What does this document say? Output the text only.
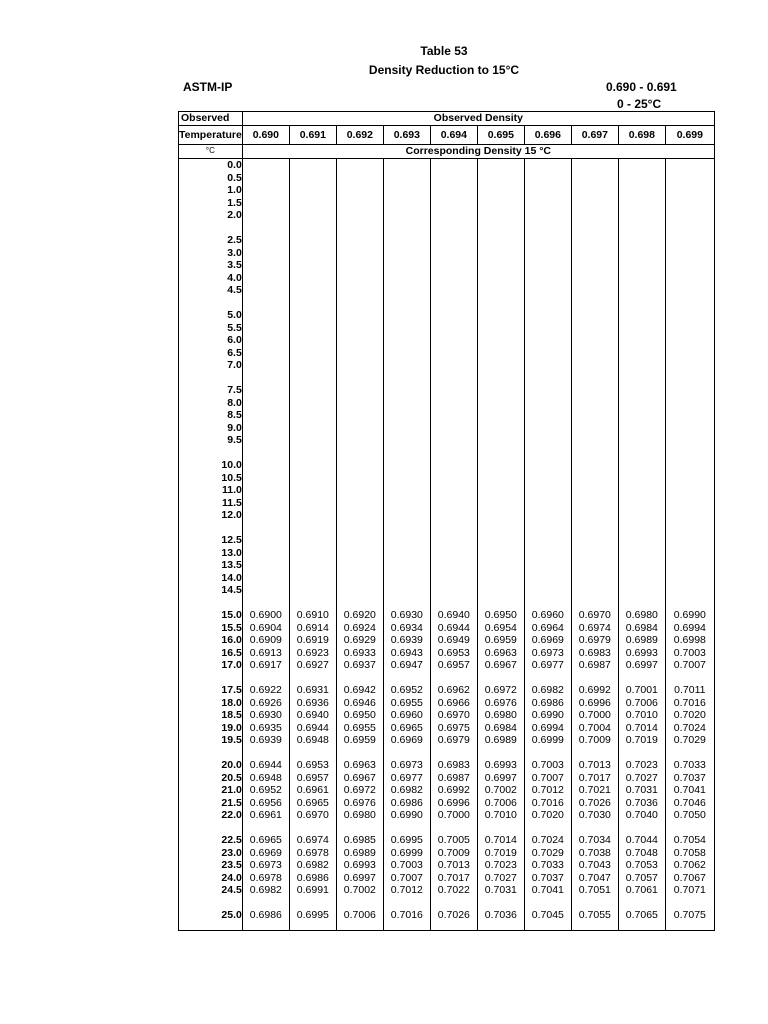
Table 53
Density Reduction to 15°C
ASTM-IP	0.690 - 0.691
0 - 25°C
Observed	Observed Density									
Temperature	0.690	0.691	0.692	0.693	0.694	0.695	0.696	0.697	0.698	0.699
°C	Corresponding Density 15 °C									
0.0										
0.5										
1.0										
1.5										
2.0										

2.5										
3.0										
3.5										
4.0										
4.5										

5.0										
5.5										
6.0										
6.5										
7.0										

7.5										
8.0										
8.5										
9.0										
9.5										

10.0										
10.5										
11.0										
11.5										
12.0										

12.5										
13.0										
13.5										
14.0										
14.5										

15.0	0.6900	0.6910	0.6920	0.6930	0.6940	0.6950	0.6960	0.6970	0.6980	0.6990
15.5	0.6904	0.6914	0.6924	0.6934	0.6944	0.6954	0.6964	0.6974	0.6984	0.6994
16.0	0.6909	0.6919	0.6929	0.6939	0.6949	0.6959	0.6969	0.6979	0.6989	0.6998
16.5	0.6913	0.6923	0.6933	0.6943	0.6953	0.6963	0.6973	0.6983	0.6993	0.7003
17.0	0.6917	0.6927	0.6937	0.6947	0.6957	0.6967	0.6977	0.6987	0.6997	0.7007

17.5	0.6922	0.6931	0.6942	0.6952	0.6962	0.6972	0.6982	0.6992	0.7001	0.7011
18.0	0.6926	0.6936	0.6946	0.6955	0.6966	0.6976	0.6986	0.6996	0.7006	0.7016
18.5	0.6930	0.6940	0.6950	0.6960	0.6970	0.6980	0.6990	0.7000	0.7010	0.7020
19.0	0.6935	0.6944	0.6955	0.6965	0.6975	0.6984	0.6994	0.7004	0.7014	0.7024
19.5	0.6939	0.6948	0.6959	0.6969	0.6979	0.6989	0.6999	0.7009	0.7019	0.7029

20.0	0.6944	0.6953	0.6963	0.6973	0.6983	0.6993	0.7003	0.7013	0.7023	0.7033
20.5	0.6948	0.6957	0.6967	0.6977	0.6987	0.6997	0.7007	0.7017	0.7027	0.7037
21.0	0.6952	0.6961	0.6972	0.6982	0.6992	0.7002	0.7012	0.7021	0.7031	0.7041
21.5	0.6956	0.6965	0.6976	0.6986	0.6996	0.7006	0.7016	0.7026	0.7036	0.7046
22.0	0.6961	0.6970	0.6980	0.6990	0.7000	0.7010	0.7020	0.7030	0.7040	0.7050

22.5	0.6965	0.6974	0.6985	0.6995	0.7005	0.7014	0.7024	0.7034	0.7044	0.7054
23.0	0.6969	0.6978	0.6989	0.6999	0.7009	0.7019	0.7029	0.7038	0.7048	0.7058
23.5	0.6973	0.6982	0.6993	0.7003	0.7013	0.7023	0.7033	0.7043	0.7053	0.7062
24.0	0.6978	0.6986	0.6997	0.7007	0.7017	0.7027	0.7037	0.7047	0.7057	0.7067
24.5	0.6982	0.6991	0.7002	0.7012	0.7022	0.7031	0.7041	0.7051	0.7061	0.7071

25.0	0.6986	0.6995	0.7006	0.7016	0.7026	0.7036	0.7045	0.7055	0.7065	0.7075
